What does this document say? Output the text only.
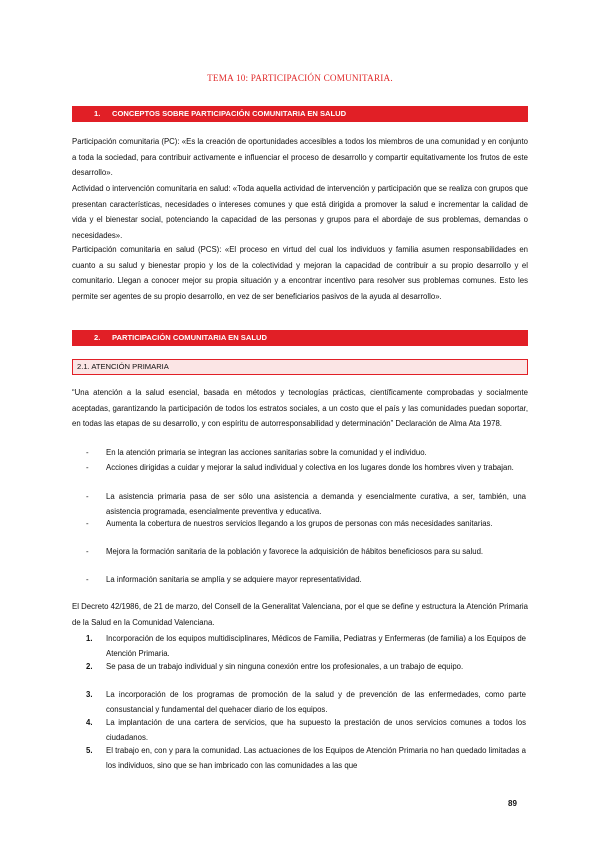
TEMA 10: PARTICIPACIÓN COMUNITARIA.
1. CONCEPTOS SOBRE PARTICIPACIÓN COMUNITARIA EN SALUD

Participación comunitaria (PC): «Es la creación de oportunidades accesibles a todos los miembros de una comunidad y en conjunto a toda la sociedad, para contribuir activamente e influenciar el proceso de desarrollo y compartir equitativamente los frutos de este desarrollo».

Actividad o intervención comunitaria en salud: «Toda aquella actividad de intervención y participación que se realiza con grupos que presentan características, necesidades o intereses comunes y que está dirigida a promover la salud e incrementar la calidad de vida y el bienestar social, potenciando la capacidad de las personas y grupos para el abordaje de sus problemas, demandas o necesidades».

Participación comunitaria en salud (PCS): «El proceso en virtud del cual los individuos y familia asumen responsabilidades en cuanto a su salud y bienestar propio y los de la colectividad y mejoran la capacidad de contribuir a su propio desarrollo y el comunitario. Llegan a conocer mejor su propia situación y a encontrar incentivo para resolver sus problemas comunes. Esto les permite ser agentes de su propio desarrollo, en vez de ser beneficiarios pasivos de la ayuda al desarrollo».

2. PARTICIPACIÓN COMUNITARIA EN SALUD
2.1. ATENCIÓN PRIMARIA

“Una atención a la salud esencial, basada en métodos y tecnologías prácticas, científicamente comprobadas y socialmente aceptadas, garantizando la participación de todos los estratos sociales, a un costo que el país y las comunidades puedan soportar, en todas las etapas de su desarrollo, y con espíritu de autorresponsabilidad y determinación” Declaración de Alma Ata 1978.

- En la atención primaria se integran las acciones sanitarias sobre la comunidad y el individuo.
- Acciones dirigidas a cuidar y mejorar la salud individual y colectiva en los lugares donde los hombres viven y trabajan.
- La asistencia primaria pasa de ser sólo una asistencia a demanda y esencialmente curativa, a ser, también, una asistencia programada, esencialmente preventiva y educativa.
- Aumenta la cobertura de nuestros servicios llegando a los grupos de personas con más necesidades sanitarias.
- Mejora la formación sanitaria de la población y favorece la adquisición de hábitos beneficiosos para su salud.
- La información sanitaria se amplía y se adquiere mayor representatividad.

El Decreto 42/1986, de 21 de marzo, del Consell de la Generalitat Valenciana, por el que se define y estructura la Atención Primaria de la Salud en la Comunidad Valenciana.

1. Incorporación de los equipos multidisciplinares, Médicos de Familia, Pediatras y Enfermeras (de familia) a los Equipos de Atención Primaria.
2. Se pasa de un trabajo individual y sin ninguna conexión entre los profesionales, a un trabajo de equipo.
3. La incorporación de los programas de promoción de la salud y de prevención de las enfermedades, como parte consustancial y fundamental del quehacer diario de los equipos.
4. La implantación de una cartera de servicios, que ha supuesto la prestación de unos servicios comunes a todos los ciudadanos.
5. El trabajo en, con y para la comunidad. Las actuaciones de los Equipos de Atención Primaria no han quedado limitadas a los individuos, sino que se han imbricado con las comunidades a las que
89
